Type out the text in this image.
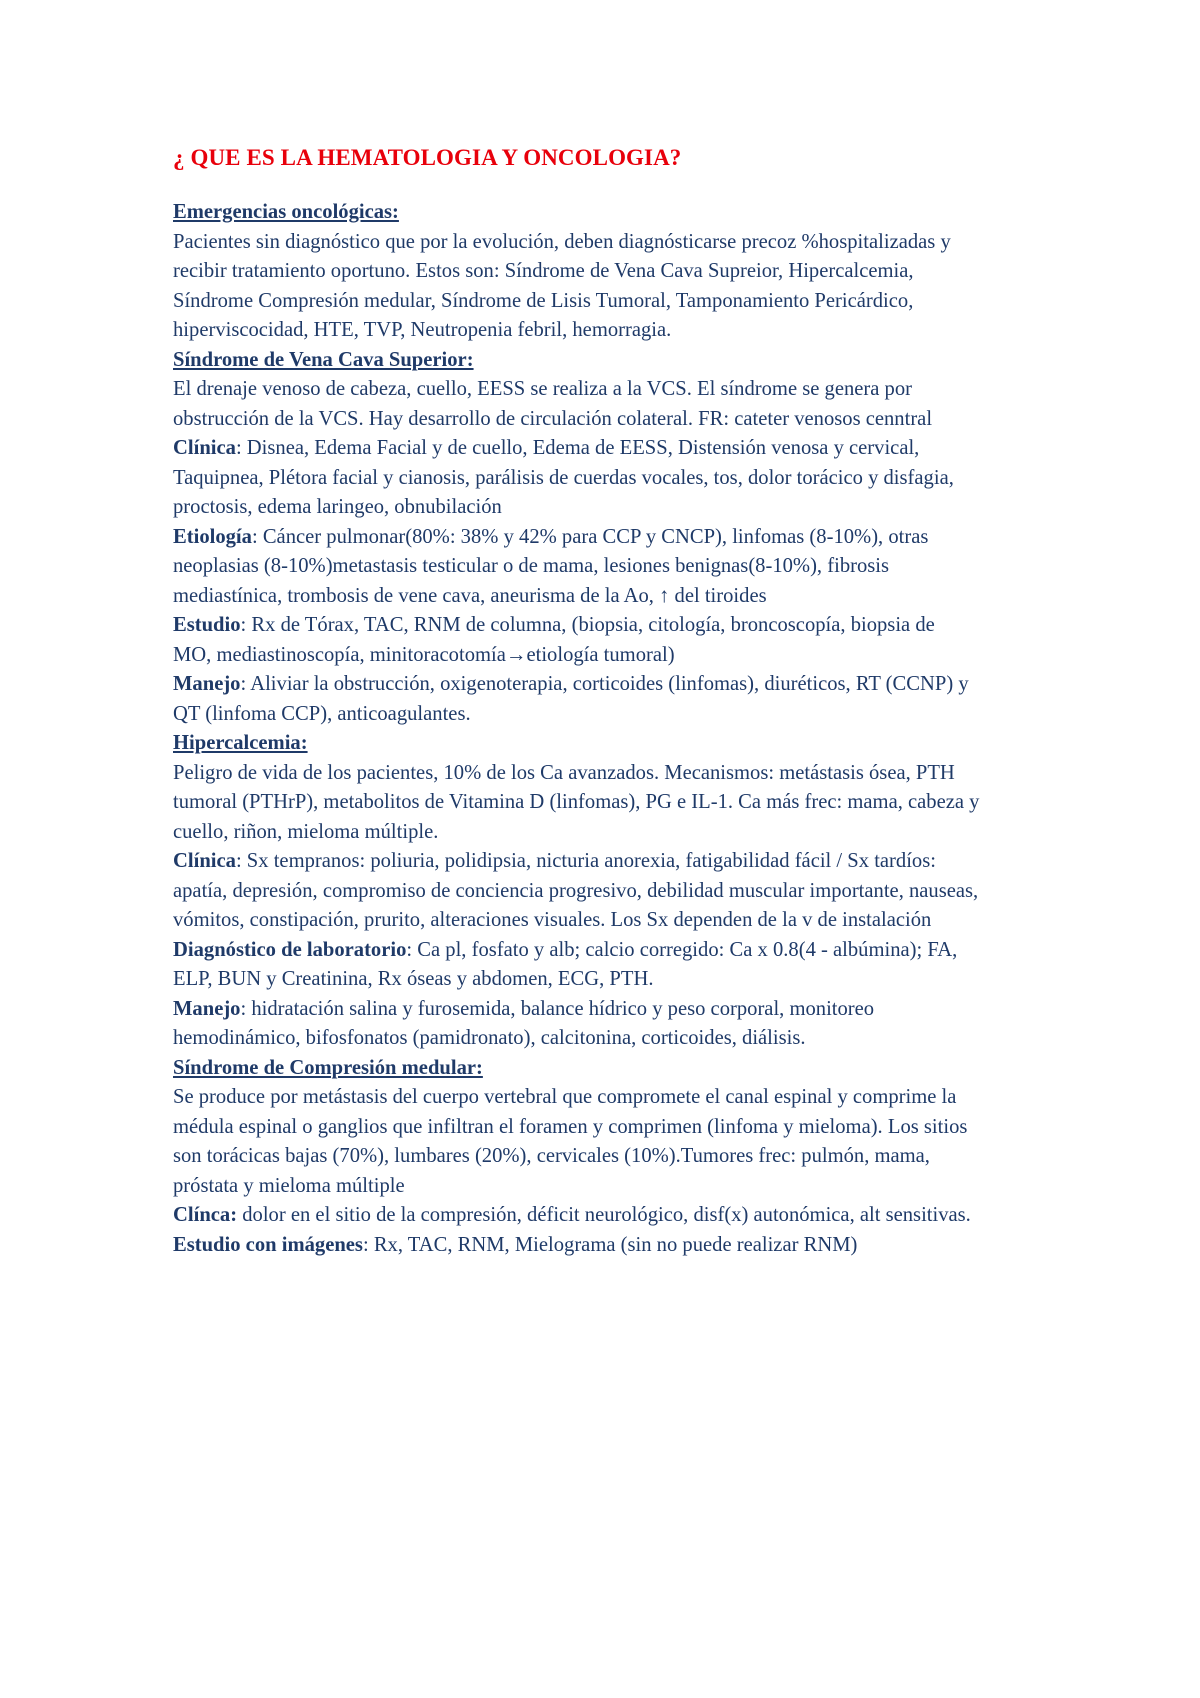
¿ QUE ES LA HEMATOLOGIA Y ONCOLOGIA?
Emergencias oncológicas:

Pacientes sin diagnóstico que por la evolución, deben diagnósticarse precoz %hospitalizadas y recibir tratamiento oportuno. Estos son: Síndrome de Vena Cava Supreior, Hipercalcemia, Síndrome Compresión medular, Síndrome de Lisis Tumoral, Tamponamiento Pericárdico, hiperviscocidad, HTE, TVP, Neutropenia febril, hemorragia.

Síndrome de Vena Cava Superior:

El drenaje venoso de cabeza, cuello, EESS se realiza a la VCS. El síndrome se genera por obstrucción de la VCS. Hay desarrollo de circulación colateral. FR: cateter venosos cenntral Clínica: Disnea, Edema Facial y de cuello, Edema de EESS, Distensión venosa y cervical, Taquipnea, Plétora facial y cianosis, parálisis de cuerdas vocales, tos, dolor torácico y disfagia, proctosis, edema laringeo, obnubilación

Etiología: Cáncer pulmonar(80%: 38% y 42% para CCP y CNCP), linfomas (8-10%), otras neoplasias (8-10%)metastasis testicular o de mama, lesiones benignas(8-10%), fibrosis mediastínica, trombosis de vene cava, aneurisma de la Ao, ↑ del tiroides

Estudio: Rx de Tórax, TAC, RNM de columna, (biopsia, citología, broncoscopía, biopsia de

MO, mediastinoscopía, minitoracotomía→etiología tumoral)

Manejo: Aliviar la obstrucción, oxigenoterapia, corticoides (linfomas), diuréticos, RT (CCNP) y QT (linfoma CCP), anticoagulantes.

Hipercalcemia:

Peligro de vida de los pacientes, 10% de los Ca avanzados. Mecanismos: metástasis ósea, PTH tumoral (PTHrP), metabolitos de Vitamina D (linfomas), PG e IL-1. Ca más frec: mama, cabeza y cuello, riñon, mieloma múltiple.

Clínica: Sx tempranos: poliuria, polidipsia, nicturia anorexia, fatigabilidad fácil / Sx tardíos: apatía, depresión, compromiso de conciencia progresivo, debilidad muscular importante, nauseas, vómitos, constipación, prurito, alteraciones visuales. Los Sx dependen de la v de instalación

Diagnóstico de laboratorio: Ca pl, fosfato y alb; calcio corregido: Ca x 0.8(4 - albúmina); FA, ELP, BUN y Creatinina, Rx óseas y abdomen, ECG, PTH.

Manejo: hidratación salina y furosemida, balance hídrico y peso corporal, monitoreo hemodinámico, bifosfonatos (pamidronato), calcitonina, corticoides, diálisis.

Síndrome de Compresión medular:

Se produce por metástasis del cuerpo vertebral que compromete el canal espinal y comprime la médula espinal o ganglios que infiltran el foramen y comprimen (linfoma y mieloma). Los sitios son torácicas bajas (70%), lumbares (20%), cervicales (10%).Tumores frec: pulmón, mama, próstata y mieloma múltiple

Clínca: dolor en el sitio de la compresión, déficit neurológico, disf(x) autonómica, alt sensitivas.

Estudio con imágenes: Rx, TAC, RNM, Mielograma (sin no puede realizar RNM)
